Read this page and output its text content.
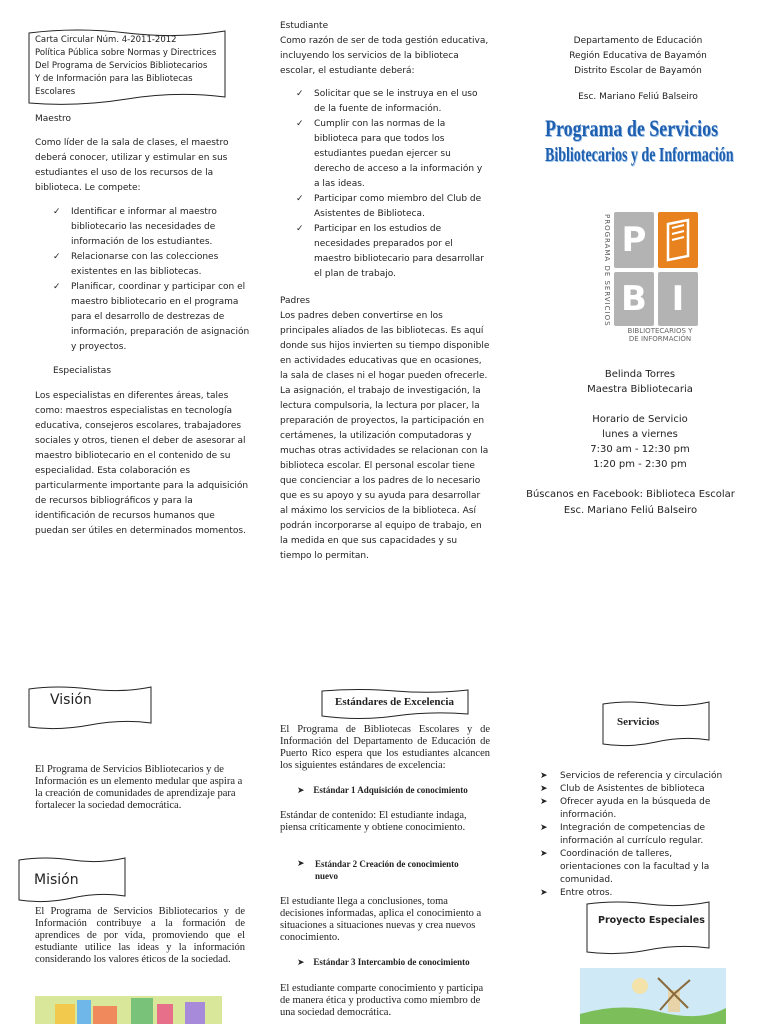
Carta Circular Núm. 4-2011-2012
Política Pública sobre Normas y Directrices
Del Programa de Servicios Bibliotecarios
Y de Información para las Bibliotecas Escolares

Maestro

Como líder de la sala de clases, el maestro deberá conocer, utilizar y estimular en sus estudiantes el uso de los recursos de la biblioteca. Le compete:

✓ Identificar e informar al maestro bibliotecario las necesidades de información de los estudiantes.
✓ Relacionarse con las colecciones existentes en las bibliotecas.
✓ Planificar, coordinar y participar con el maestro bibliotecario en el programa para el desarrollo de destrezas de información, preparación de asignación y proyectos.

Especialistas

Los especialistas en diferentes áreas, tales como: maestros especialistas en tecnología educativa, consejeros escolares, trabajadores sociales y otros, tienen el deber de asesorar al maestro bibliotecario en el contenido de su especialidad. Esta colaboración es particularmente importante para la adquisición de recursos bibliográficos y para la identificación de recursos humanos que puedan ser útiles en determinados momentos.

Estudiante

Como razón de ser de toda gestión educativa, incluyendo los servicios de la biblioteca escolar, el estudiante deberá:

✓ Solicitar que se le instruya en el uso de la fuente de información.
✓ Cumplir con las normas de la biblioteca para que todos los estudiantes puedan ejercer su derecho de acceso a la información y a las ideas.
✓ Participar como miembro del Club de Asistentes de Biblioteca.
✓ Participar en los estudios de necesidades preparados por el maestro bibliotecario para desarrollar el plan de trabajo.

Padres

Los padres deben convertirse en los principales aliados de las bibliotecas. Es aquí donde sus hijos invierten su tiempo disponible en actividades educativas que en ocasiones, la sala de clases ni el hogar pueden ofrecerle. La asignación, el trabajo de investigación, la lectura compulsoria, la lectura por placer, la preparación de proyectos, la participación en certámenes, la utilización computadoras y muchas otras actividades se relacionan con la biblioteca escolar. El personal escolar tiene que concienciar a los padres de lo necesario que es su apoyo y su ayuda para desarrollar al máximo los servicios de la biblioteca. Así podrán incorporarse al equipo de trabajo, en la medida en que sus capacidades y su tiempo lo permitan.

Departamento de Educación
Región Educativa de Bayamón
Distrito Escolar de Bayamón
Esc. Mariano Feliú Balseiro
Programa de Servicios
Bibliotecarios y de Información
PROGRAMA DE SERVICIOS P
B I
BIBLIOTECARIOS Y
DE INFORMACIÓN
Belinda Torres
Maestra Bibliotecaria
Horario de Servicio
lunes a viernes
7:30 am - 12:30 pm
1:20 pm - 2:30 pm
Búscanos en Facebook: Biblioteca Escolar
Esc. Mariano Feliú Balseiro
Visión
El Programa de Servicios Bibliotecarios y de Información es un elemento medular que aspira a la creación de comunidades de aprendizaje para fortalecer la sociedad democrática.
Misión
El Programa de Servicios Bibliotecarios y de Información contribuye a la formación de aprendices de por vida, promoviendo que el estudiante utilice las ideas y la información considerando los valores éticos de la sociedad.
Estándares de Excelencia
El Programa de Bibliotecas Escolares y de Información del Departamento de Educación de Puerto Rico espera que los estudiantes alcancen los siguientes estándares de excelencia:
➤ Estándar 1 Adquisición de conocimiento
Estándar de contenido: El estudiante indaga, piensa críticamente y obtiene conocimiento.
➤	Estándar 2 Creación de conocimiento nuevo
El estudiante llega a conclusiones, toma decisiones informadas, aplica el conocimiento a situaciones a situaciones nuevas y crea nuevos conocimiento.
➤ Estándar 3 Intercambio de conocimiento
El estudiante comparte conocimiento y participa de manera ética y productiva como miembro de una sociedad democrática.
Servicios
➤ Servicios de referencia y circulación
➤ Club de Asistentes de biblioteca
➤ Ofrecer ayuda en la búsqueda de información.
➤ Integración de competencias de información al currículo regular.
➤ Coordinación de talleres, orientaciones con la facultad y la comunidad.
➤ Entre otros.
Proyecto Especiales
